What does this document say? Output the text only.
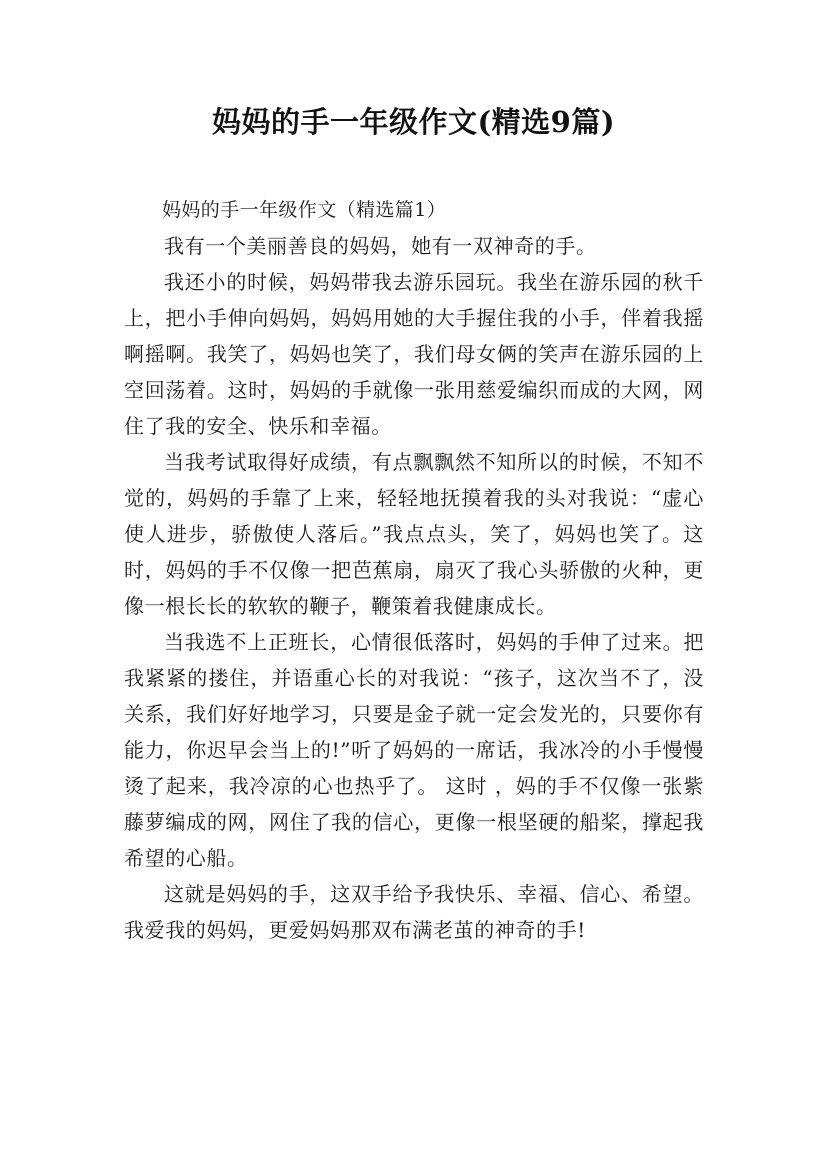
妈妈的手一年级作文(精选9篇)

妈妈的手一年级作文（精选篇1）

我有一个美丽善良的妈妈，她有一双神奇的手。

我还小的时候，妈妈带我去游乐园玩。我坐在游乐园的秋千上，把小手伸向妈妈，妈妈用她的大手握住我的小手，伴着我摇啊摇啊。我笑了，妈妈也笑了，我们母女俩的笑声在游乐园的上空回荡着。这时，妈妈的手就像一张用慈爱编织而成的大网，网住了我的安全、快乐和幸福。

当我考试取得好成绩，有点飘飘然不知所以的时候，不知不觉的，妈妈的手靠了上来，轻轻地抚摸着我的头对我说：“虚心使人进步，骄傲使人落后。”我点点头，笑了，妈妈也笑了。这时，妈妈的手不仅像一把芭蕉扇，扇灭了我心头骄傲的火种，更像一根长长的软软的鞭子，鞭策着我健康成长。

当我选不上正班长，心情很低落时，妈妈的手伸了过来。把我紧紧的搂住，并语重心长的对我说：“孩子，这次当不了，没关系，我们好好地学习，只要是金子就一定会发光的，只要你有能力，你迟早会当上的!”听了妈妈的一席话，我冰冷的小手慢慢烫了起来，我冷凉的心也热乎了。 这时 ，妈的手不仅像一张紫藤萝编成的网，网住了我的信心，更像一根坚硬的船桨，撑起我希望的心船。

这就是妈妈的手，这双手给予我快乐、幸福、信心、希望。我爱我的妈妈，更爱妈妈那双布满老茧的神奇的手!
